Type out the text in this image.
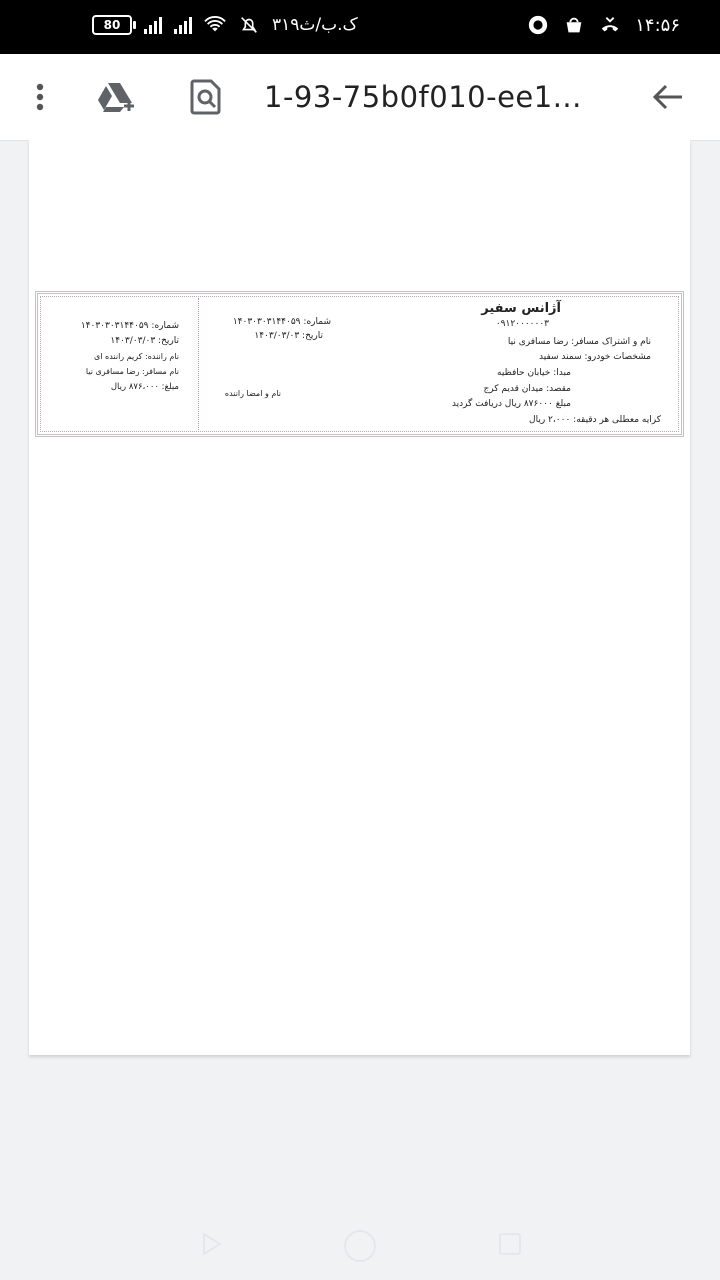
80	۳۱۹ک.ب/ث	۱۴:۵۶
1-93-75b0f010-ee1...
آژانس سفیر
۰۹۱۲۰۰۰۰۰۰۳
نام و اشتراک مسافر: رضا مسافری نیا
مشخصات خودرو: سمند سفید
مبدا: خیابان حافظیه
مقصد: میدان قدیم کرج
مبلغ ۸۷۶۰۰۰ ریال دریافت گردید
کرایه معطلی هر دقیقه: ۲،۰۰۰ ریال
شماره: ۱۴۰۳۰۳۰۳۱۴۴۰۵۹
تاریخ: ۱۴۰۳/۰۳/۰۳
نام و امضا راننده
شماره: ۱۴۰۳۰۳۰۳۱۴۴۰۵۹
تاریخ: ۱۴۰۳/۰۳/۰۳
نام راننده: کریم راننده ای
نام مسافر: رضا مسافری نیا
مبلغ: ۸۷۶،۰۰۰ ریال
